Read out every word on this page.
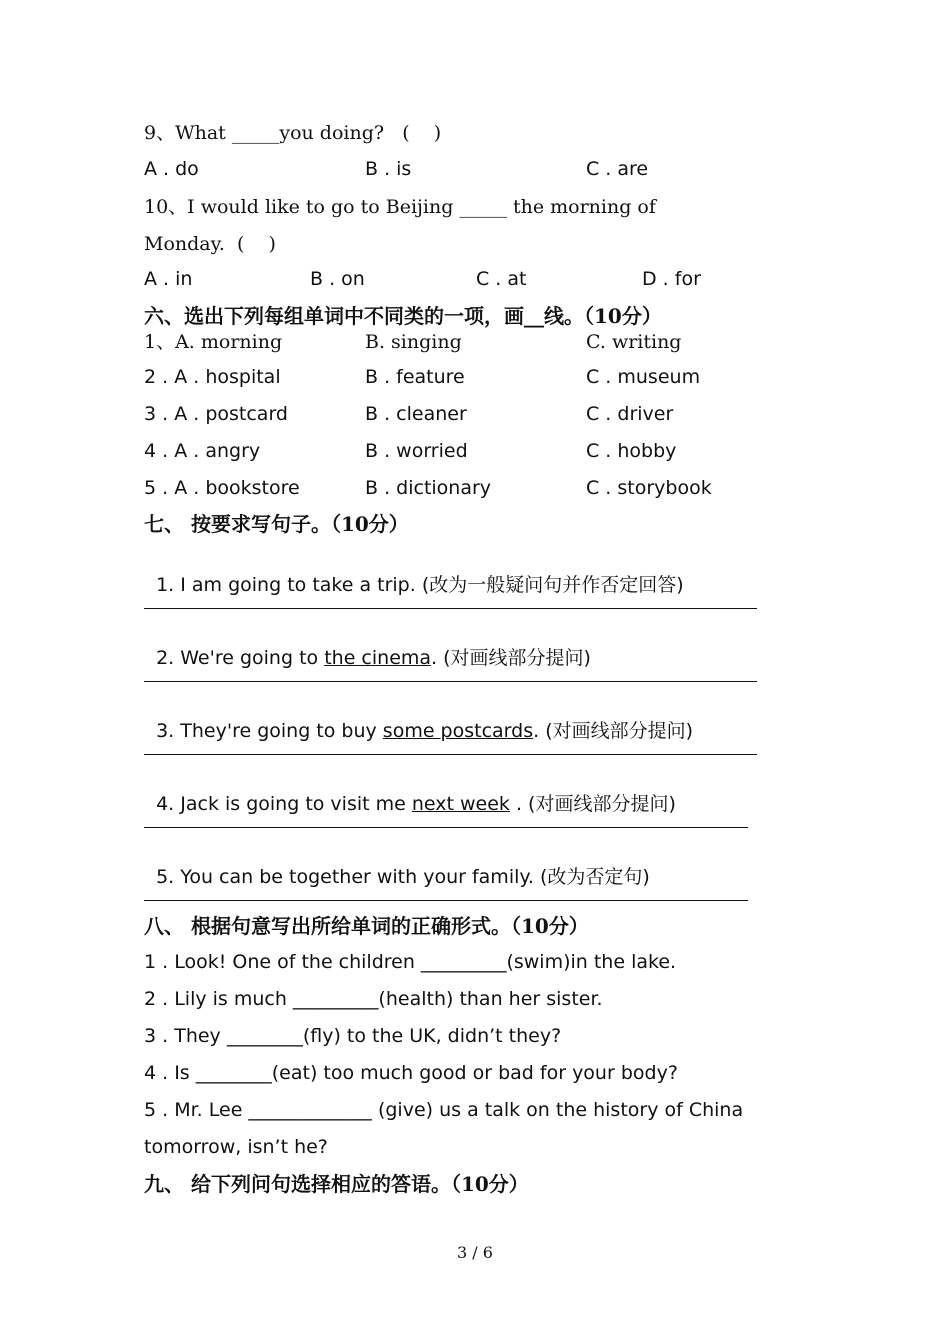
9、What _____you doing?   (    )
A . do	B . is	C . are
10、I would like to go to Beijing _____ the morning of
Monday.  (    )
A . in	B . on	C . at	D . for
六、选出下列每组单词中不同类的一项，画__线。（10分）
1、A. morning	B. singing	C. writing
2 . A . hospital	B . feature	C . museum
3 . A . postcard	B . cleaner	C . driver
4 . A . angry	B . worried	C . hobby
5 . A . bookstore	B . dictionary	C . storybook
七、 按要求写句子。（10分）

1. I am going to take a trip. (改为一般疑问句并作否定回答)

2. We're going to the cinema. (对画线部分提问)

3. They're going to buy some postcards. (对画线部分提问)

4. Jack is going to visit me next week . (对画线部分提问)

5. You can be together with your family. (改为否定句)

八、 根据句意写出所给单词的正确形式。（10分）
1 . Look! One of the children _________(swim)in the lake.
2 . Lily is much _________(health) than her sister.
3 . They ________(fly) to the UK, didn’t they?
4 . Is ________(eat) too much good or bad for your body?
5 . Mr. Lee _____________ (give) us a talk on the history of China
tomorrow, isn’t he?
九、 给下列问句选择相应的答语。（10分）
3 / 6
